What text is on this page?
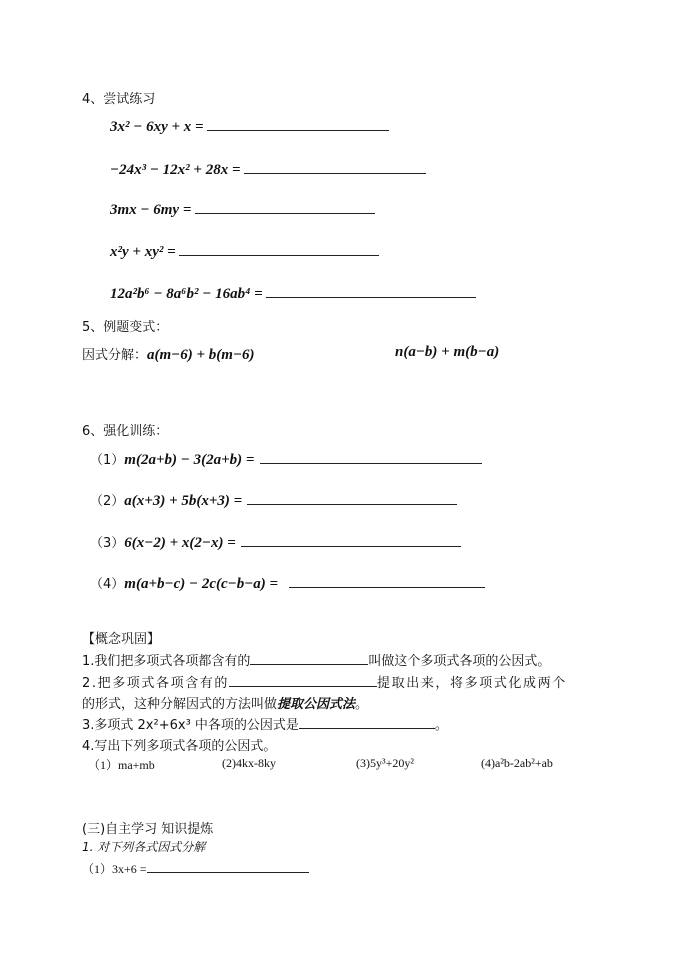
4、尝试练习
3x² − 6xy + x =
−24x³ − 12x² + 28x =
3mx − 6my =
x²y + xy² =
12a²b⁶ − 8a⁶b² − 16ab⁴ =
5、例题变式：
因式分解：a(m−6) + b(m−6)	n(a−b) + m(b−a)
6、强化训练：
（1）m(2a+b) − 3(2a+b) =
（2）a(x+3) + 5b(x+3) =
（3）6(x−2) + x(2−x) =
（4）m(a+b−c) − 2c(c−b−a) =
【概念巩固】
1.我们把多项式各项都含有的	叫做这个多项式各项的公因式。
2.把多项式各项含有的	提取出来，将多项式化成两个
的形式，这种分解因式的方法叫做提取公因式法。
3.多项式 2x²+6x³ 中各项的公因式是	。
4.写出下列多项式各项的公因式。
（1）ma+mb	(2)4kx-8ky	(3)5y³+20y²	(4)a²b-2ab²+ab
(三)自主学习 知识提炼
1. 对下列各式因式分解
（1）3x+6 =
